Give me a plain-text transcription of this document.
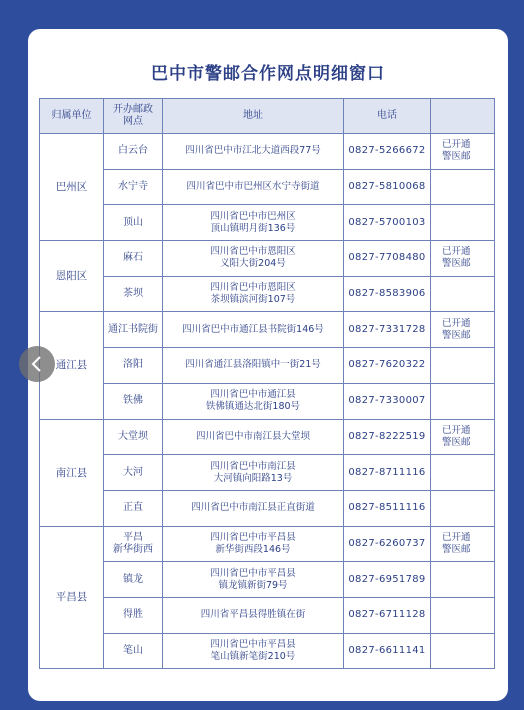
巴中市警邮合作网点明细窗口
归属单位	开办邮政
网点	地址	电话	
巴州区	白云台	四川省巴中市江北大道西段77号	0827-5266672	已开通
警医邮
	水宁寺	四川省巴中市巴州区水宁寺街道	0827-5810068	
	顶山	四川省巴中市巴州区
顶山镇明月街136号	0827-5700103	
恩阳区	麻石	四川省巴中市恩阳区
义阳大街204号	0827-7708480	已开通
警医邮
	茶坝	四川省巴中市恩阳区
茶坝镇滨河街107号	0827-8583906	
通江县	通江书院街	四川省巴中市通江县书院街146号	0827-7331728	已开通
警医邮
	洛阳	四川省通江县洛阳镇中一街21号	0827-7620322	
	铁佛	四川省巴中市通江县
铁佛镇通达北街180号	0827-7330007	
南江县	大堂坝	四川省巴中市南江县大堂坝	0827-8222519	已开通
警医邮
	大河	四川省巴中市南江县
大河镇向阳路13号	0827-8711116	
	正直	四川省巴中市南江县正直街道	0827-8511116	
平昌县	平昌
新华街西	四川省巴中市平昌县
新华街西段146号	0827-6260737	已开通
警医邮
	镇龙	四川省巴中市平昌县
镇龙镇新街79号	0827-6951789	
	得胜	四川省平昌县得胜镇在街	0827-6711128	
	笔山	四川省巴中市平昌县
笔山镇新笔街210号	0827-6611141	
